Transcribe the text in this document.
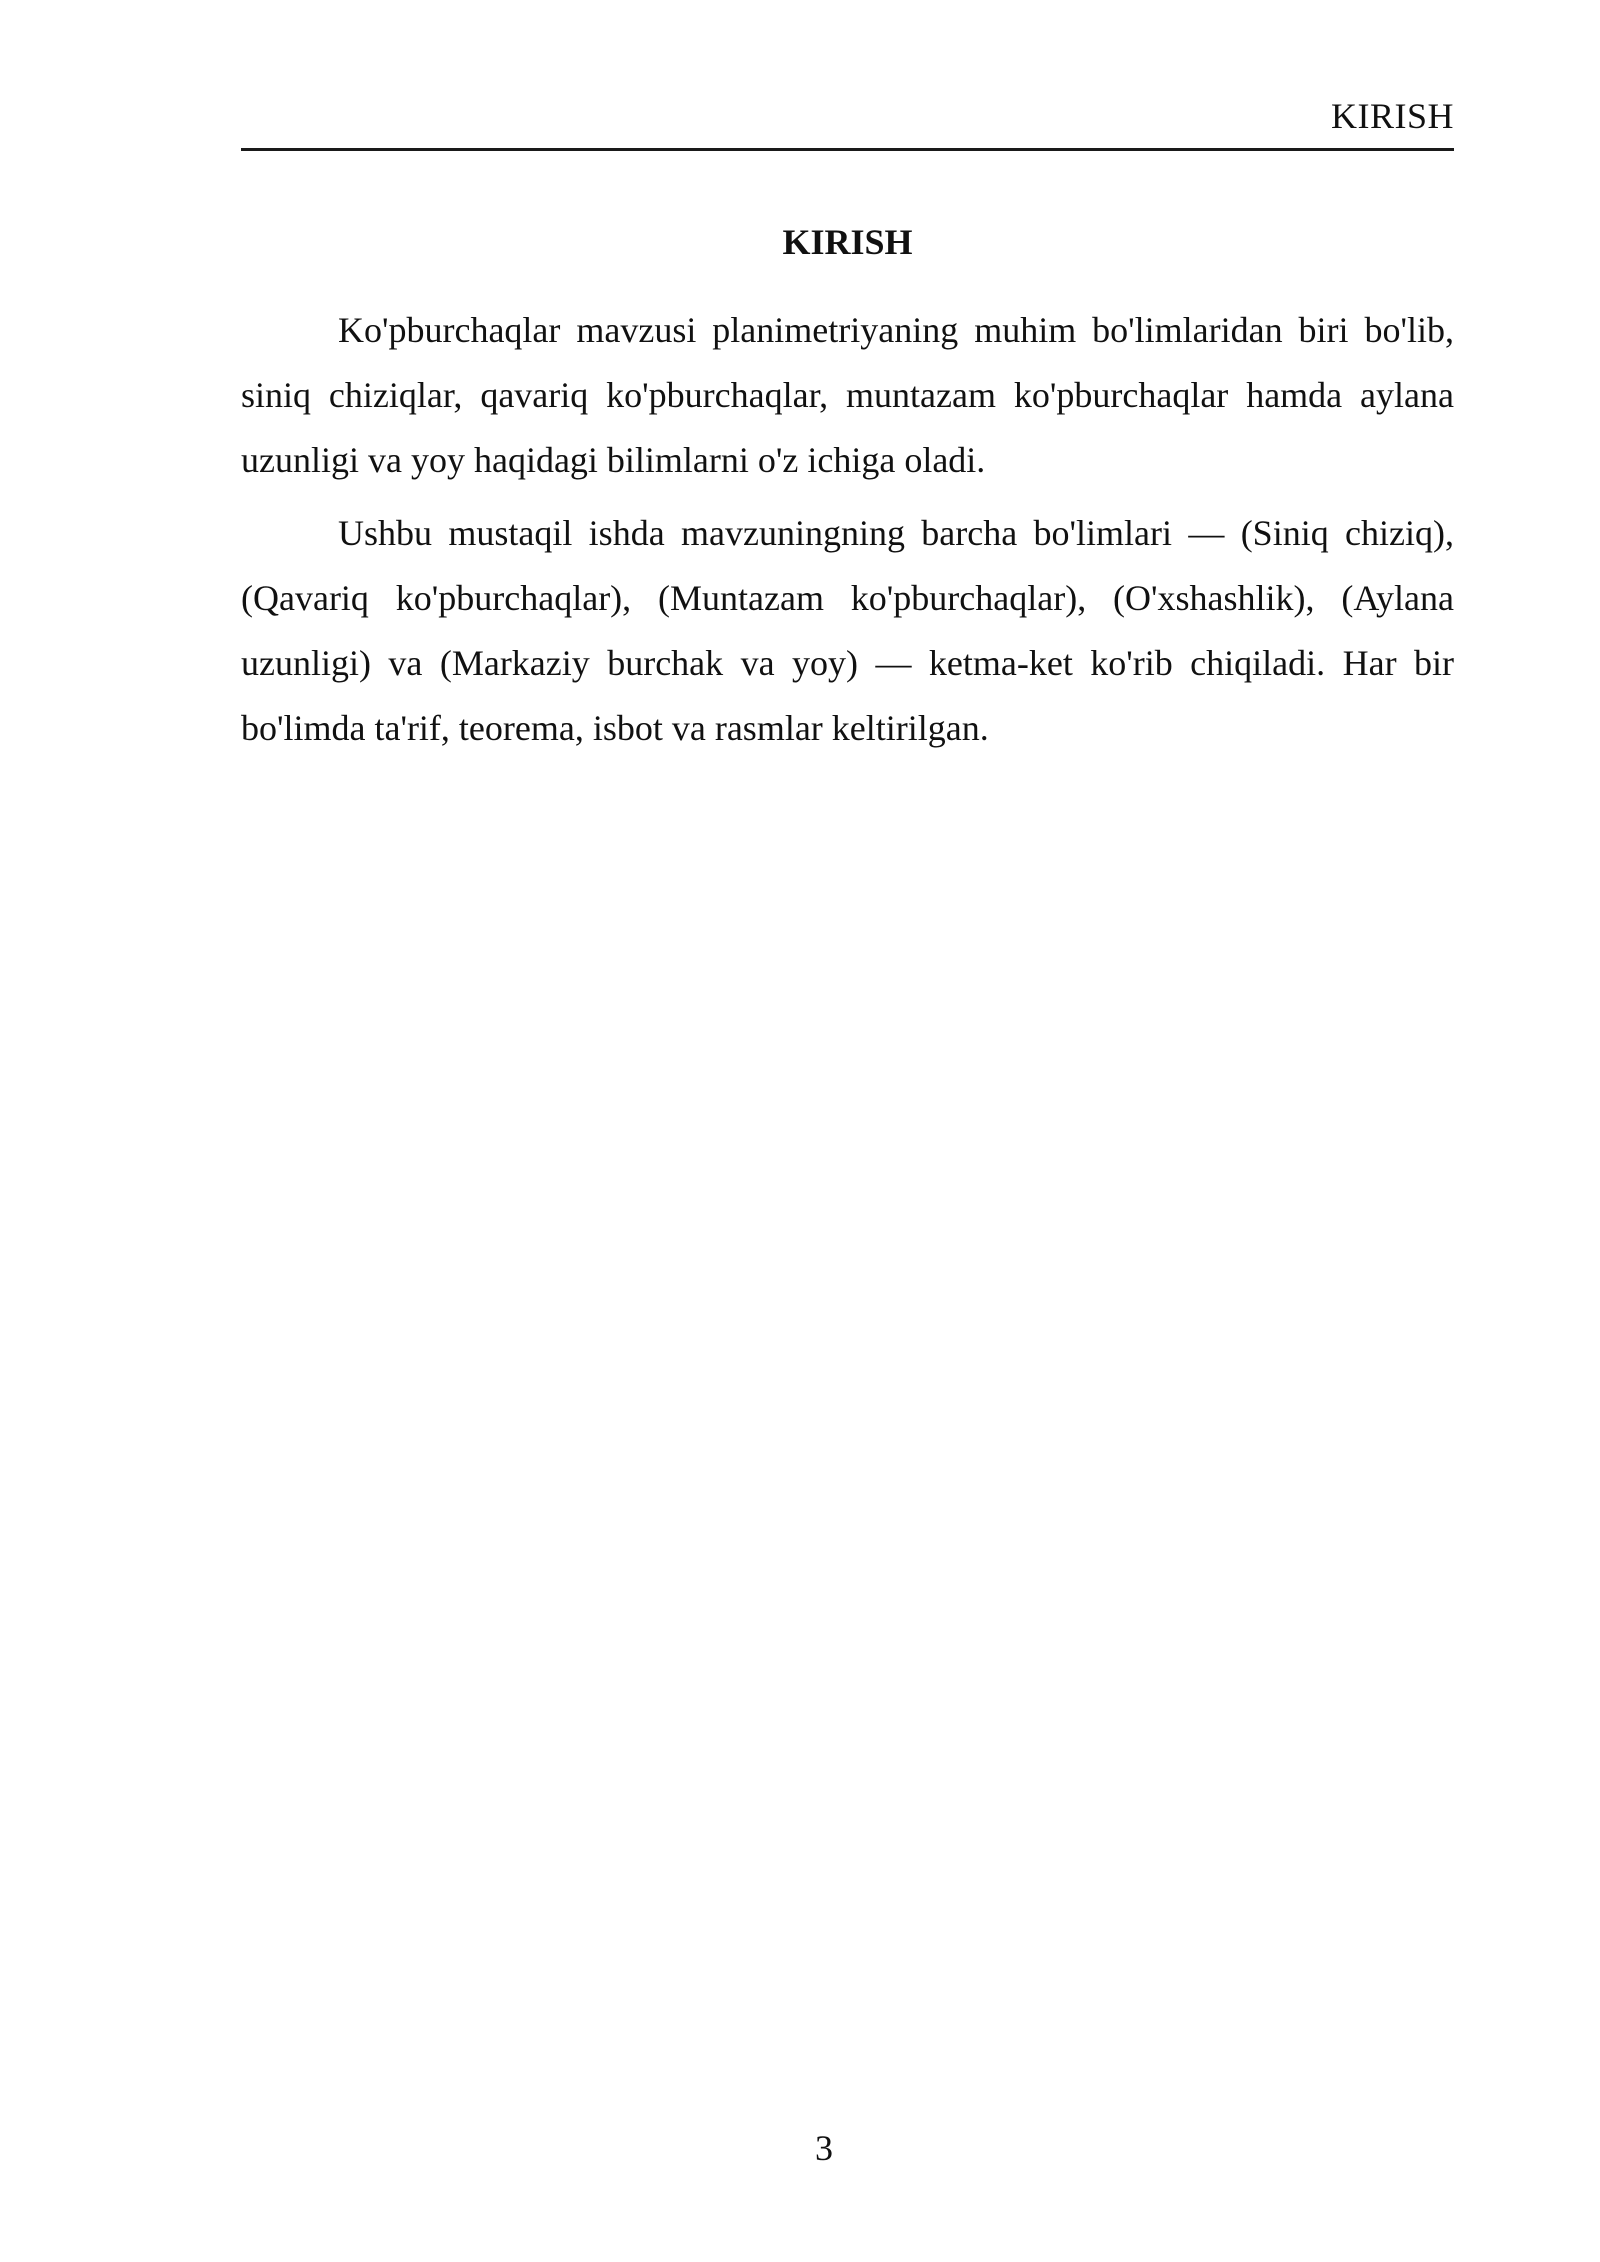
KIRISH
KIRISH

Ko'pburchaqlar mavzusi planimetriyaning muhim bo'limlaridan biri bo'lib, siniq chiziqlar, qavariq ko'pburchaqlar, muntazam ko'pburchaqlar hamda aylana uzunligi va yoy haqidagi bilimlarni o'z ichiga oladi.

Ushbu mustaqil ishda mavzuningning barcha bo'limlari — (Siniq chiziq), (Qavariq ko'pburchaqlar), (Muntazam ko'pburchaqlar), (O'xshashlik), (Aylana uzunligi) va (Markaziy burchak va yoy) — ketma-ket ko'rib chiqiladi. Har bir bo'limda ta'rif, teorema, isbot va rasmlar keltirilgan.

3
